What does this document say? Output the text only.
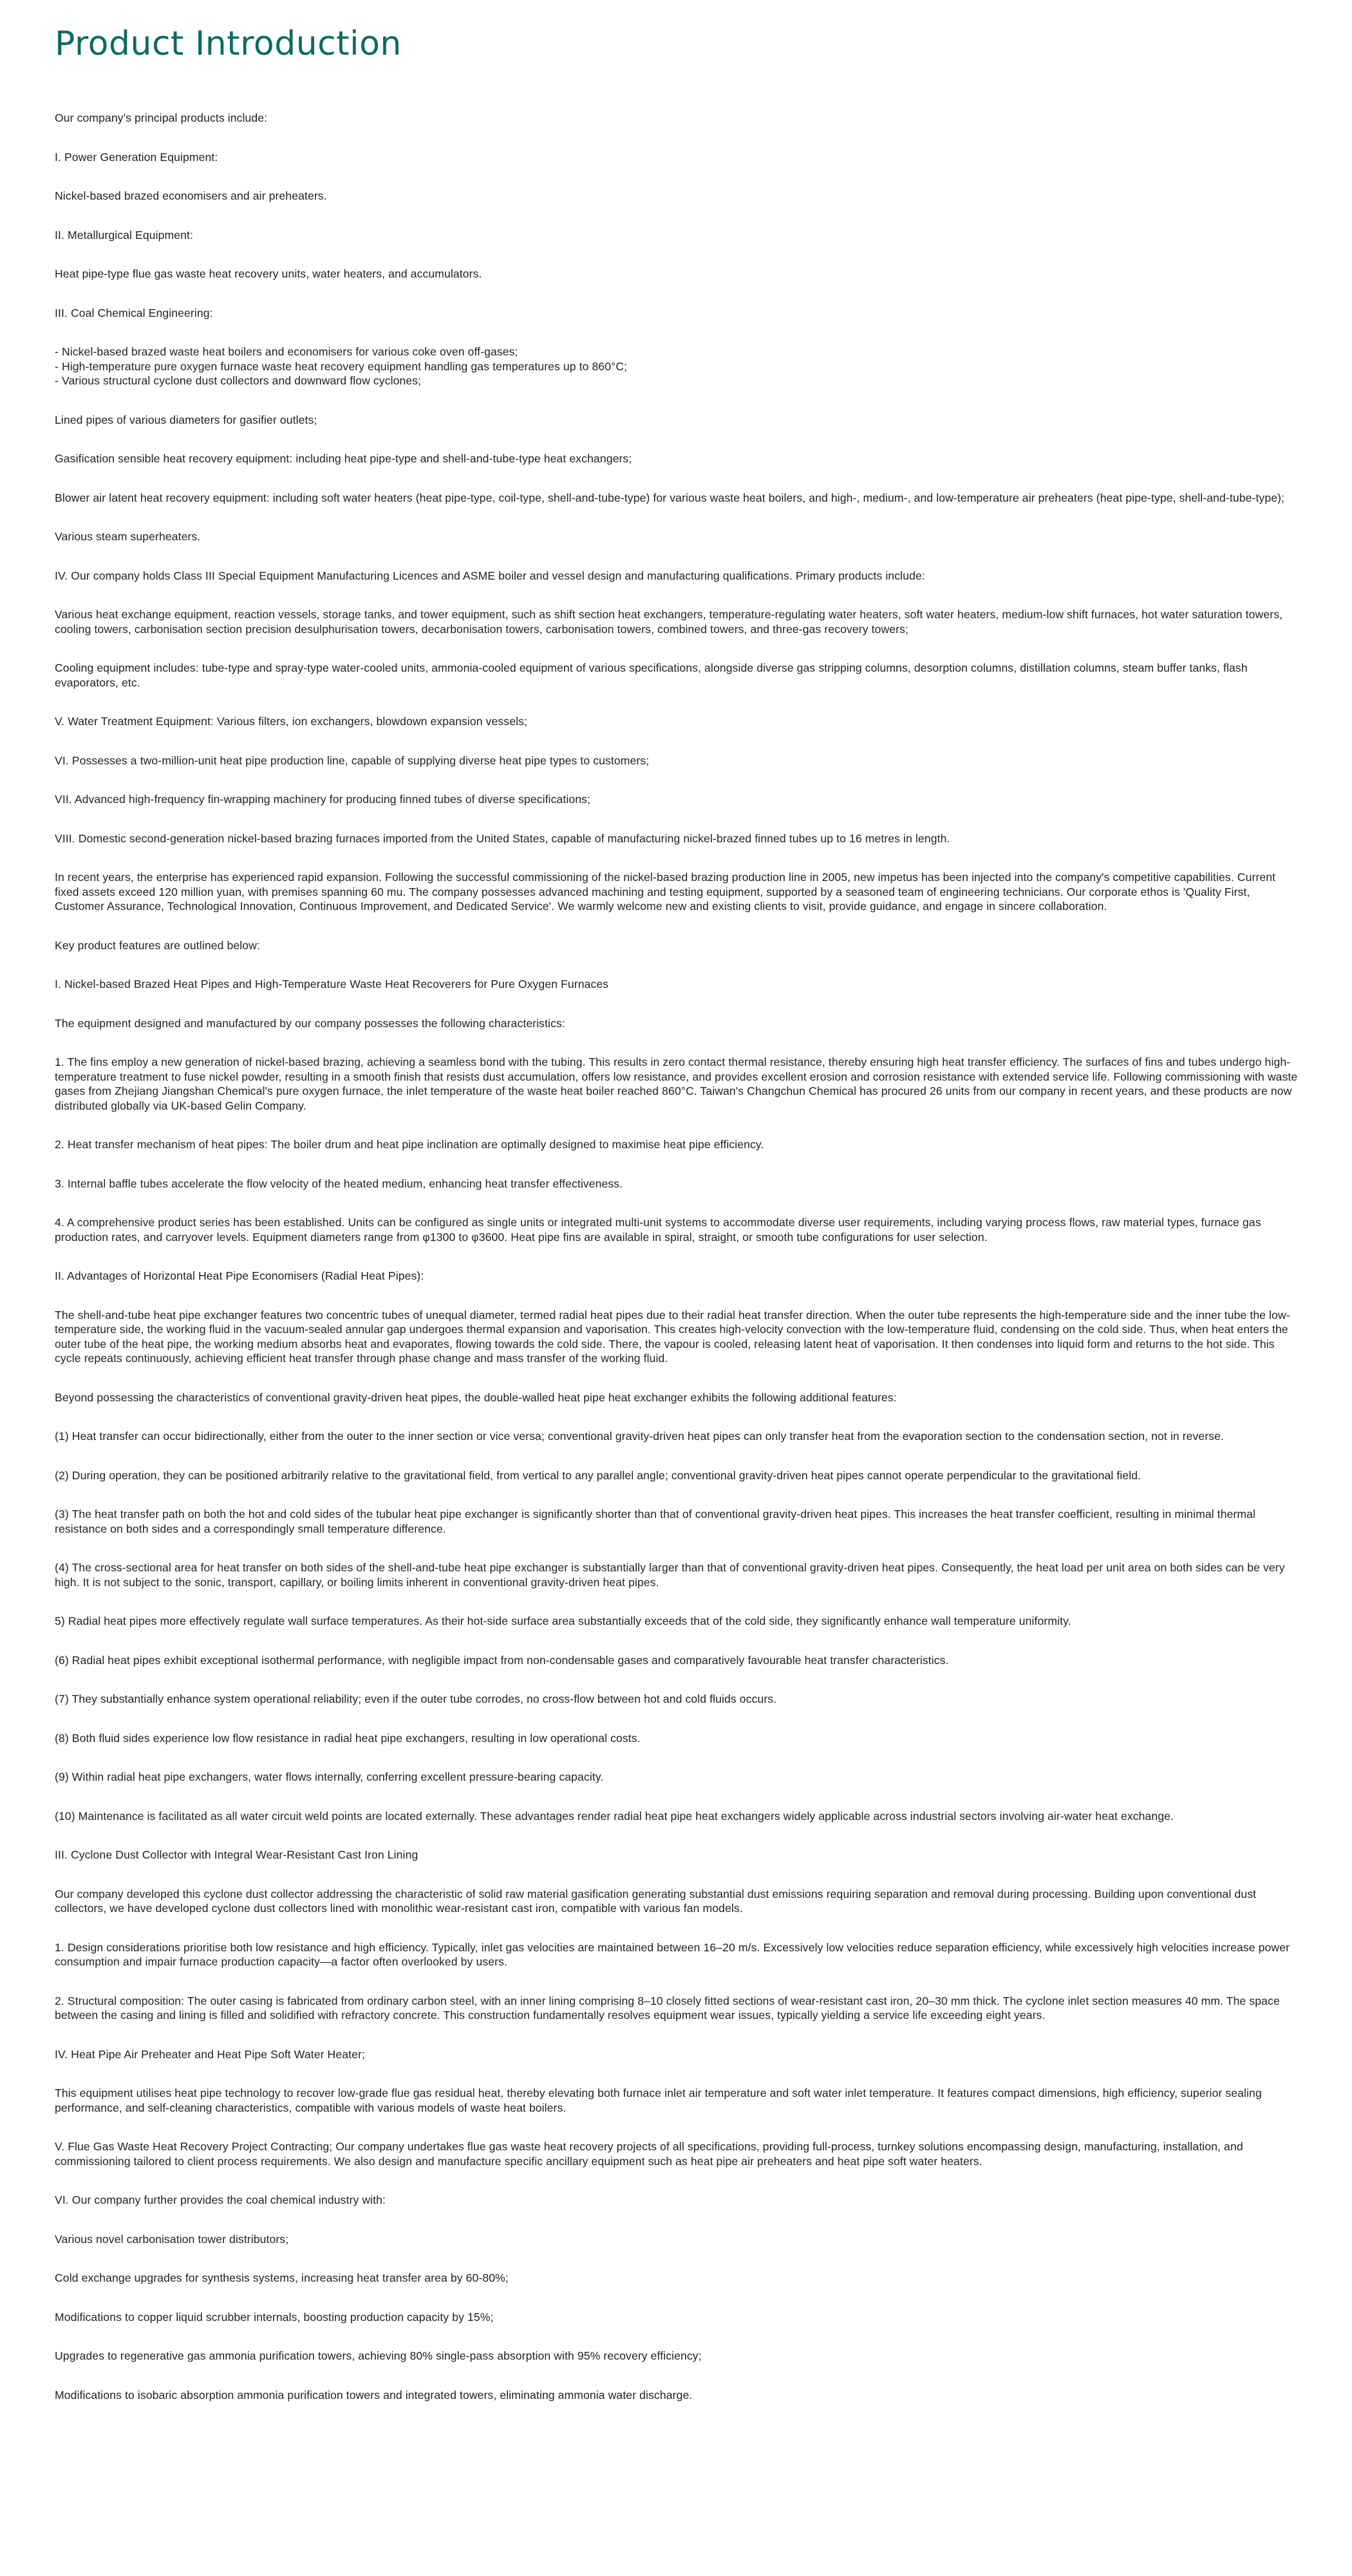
Product Introduction

Our company's principal products include:

I. Power Generation Equipment:

Nickel-based brazed economisers and air preheaters.

II. Metallurgical Equipment:

Heat pipe-type flue gas waste heat recovery units, water heaters, and accumulators.

III. Coal Chemical Engineering:

- Nickel-based brazed waste heat boilers and economisers for various coke oven off-gases;

- High-temperature pure oxygen furnace waste heat recovery equipment handling gas temperatures up to 860°C;

- Various structural cyclone dust collectors and downward flow cyclones;

Lined pipes of various diameters for gasifier outlets;

Gasification sensible heat recovery equipment: including heat pipe-type and shell-and-tube-type heat exchangers;

Blower air latent heat recovery equipment: including soft water heaters (heat pipe-type, coil-type, shell-and-tube-type) for various waste heat boilers, and high-, medium-, and low-temperature air preheaters (heat pipe-type, shell-and-tube-type);

Various steam superheaters.

IV. Our company holds Class III Special Equipment Manufacturing Licences and ASME boiler and vessel design and manufacturing qualifications. Primary products include:

Various heat exchange equipment, reaction vessels, storage tanks, and tower equipment, such as shift section heat exchangers, temperature-regulating water heaters, soft water heaters, medium-low shift furnaces, hot water saturation towers, cooling towers, carbonisation section precision desulphurisation towers, decarbonisation towers, carbonisation towers, combined towers, and three-gas recovery towers;

Cooling equipment includes: tube-type and spray-type water-cooled units, ammonia-cooled equipment of various specifications, alongside diverse gas stripping columns, desorption columns, distillation columns, steam buffer tanks, flash evaporators, etc.

V. Water Treatment Equipment: Various filters, ion exchangers, blowdown expansion vessels;

VI. Possesses a two-million-unit heat pipe production line, capable of supplying diverse heat pipe types to customers;

VII. Advanced high-frequency fin-wrapping machinery for producing finned tubes of diverse specifications;

VIII. Domestic second-generation nickel-based brazing furnaces imported from the United States, capable of manufacturing nickel-brazed finned tubes up to 16 metres in length.

In recent years, the enterprise has experienced rapid expansion. Following the successful commissioning of the nickel-based brazing production line in 2005, new impetus has been injected into the company's competitive capabilities. Current fixed assets exceed 120 million yuan, with premises spanning 60 mu. The company possesses advanced machining and testing equipment, supported by a seasoned team of engineering technicians. Our corporate ethos is 'Quality First, Customer Assurance, Technological Innovation, Continuous Improvement, and Dedicated Service'. We warmly welcome new and existing clients to visit, provide guidance, and engage in sincere collaboration.

Key product features are outlined below:

I. Nickel-based Brazed Heat Pipes and High-Temperature Waste Heat Recoverers for Pure Oxygen Furnaces

The equipment designed and manufactured by our company possesses the following characteristics:

1. The fins employ a new generation of nickel-based brazing, achieving a seamless bond with the tubing. This results in zero contact thermal resistance, thereby ensuring high heat transfer efficiency. The surfaces of fins and tubes undergo high-temperature treatment to fuse nickel powder, resulting in a smooth finish that resists dust accumulation, offers low resistance, and provides excellent erosion and corrosion resistance with extended service life. Following commissioning with waste gases from Zhejiang Jiangshan Chemical's pure oxygen furnace, the inlet temperature of the waste heat boiler reached 860°C. Taiwan's Changchun Chemical has procured 26 units from our company in recent years, and these products are now distributed globally via UK-based Gelin Company.

2. Heat transfer mechanism of heat pipes: The boiler drum and heat pipe inclination are optimally designed to maximise heat pipe efficiency.

3. Internal baffle tubes accelerate the flow velocity of the heated medium, enhancing heat transfer effectiveness.

4. A comprehensive product series has been established. Units can be configured as single units or integrated multi-unit systems to accommodate diverse user requirements, including varying process flows, raw material types, furnace gas production rates, and carryover levels. Equipment diameters range from φ1300 to φ3600. Heat pipe fins are available in spiral, straight, or smooth tube configurations for user selection.

II. Advantages of Horizontal Heat Pipe Economisers (Radial Heat Pipes):

The shell-and-tube heat pipe exchanger features two concentric tubes of unequal diameter, termed radial heat pipes due to their radial heat transfer direction. When the outer tube represents the high-temperature side and the inner tube the low-temperature side, the working fluid in the vacuum-sealed annular gap undergoes thermal expansion and vaporisation. This creates high-velocity convection with the low-temperature fluid, condensing on the cold side. Thus, when heat enters the outer tube of the heat pipe, the working medium absorbs heat and evaporates, flowing towards the cold side. There, the vapour is cooled, releasing latent heat of vaporisation. It then condenses into liquid form and returns to the hot side. This cycle repeats continuously, achieving efficient heat transfer through phase change and mass transfer of the working fluid.

Beyond possessing the characteristics of conventional gravity-driven heat pipes, the double-walled heat pipe heat exchanger exhibits the following additional features:

(1) Heat transfer can occur bidirectionally, either from the outer to the inner section or vice versa; conventional gravity-driven heat pipes can only transfer heat from the evaporation section to the condensation section, not in reverse.

(2) During operation, they can be positioned arbitrarily relative to the gravitational field, from vertical to any parallel angle; conventional gravity-driven heat pipes cannot operate perpendicular to the gravitational field.

(3) The heat transfer path on both the hot and cold sides of the tubular heat pipe exchanger is significantly shorter than that of conventional gravity-driven heat pipes. This increases the heat transfer coefficient, resulting in minimal thermal resistance on both sides and a correspondingly small temperature difference.

(4) The cross-sectional area for heat transfer on both sides of the shell-and-tube heat pipe exchanger is substantially larger than that of conventional gravity-driven heat pipes. Consequently, the heat load per unit area on both sides can be very high. It is not subject to the sonic, transport, capillary, or boiling limits inherent in conventional gravity-driven heat pipes.

5) Radial heat pipes more effectively regulate wall surface temperatures. As their hot-side surface area substantially exceeds that of the cold side, they significantly enhance wall temperature uniformity.

(6) Radial heat pipes exhibit exceptional isothermal performance, with negligible impact from non-condensable gases and comparatively favourable heat transfer characteristics.

(7) They substantially enhance system operational reliability; even if the outer tube corrodes, no cross-flow between hot and cold fluids occurs.

(8) Both fluid sides experience low flow resistance in radial heat pipe exchangers, resulting in low operational costs.

(9) Within radial heat pipe exchangers, water flows internally, conferring excellent pressure-bearing capacity.

(10) Maintenance is facilitated as all water circuit weld points are located externally. These advantages render radial heat pipe heat exchangers widely applicable across industrial sectors involving air-water heat exchange.

III. Cyclone Dust Collector with Integral Wear-Resistant Cast Iron Lining

Our company developed this cyclone dust collector addressing the characteristic of solid raw material gasification generating substantial dust emissions requiring separation and removal during processing. Building upon conventional dust collectors, we have developed cyclone dust collectors lined with monolithic wear-resistant cast iron, compatible with various fan models.

1. Design considerations prioritise both low resistance and high efficiency. Typically, inlet gas velocities are maintained between 16–20 m/s. Excessively low velocities reduce separation efficiency, while excessively high velocities increase power consumption and impair furnace production capacity—a factor often overlooked by users.

2. Structural composition: The outer casing is fabricated from ordinary carbon steel, with an inner lining comprising 8–10 closely fitted sections of wear-resistant cast iron, 20–30 mm thick. The cyclone inlet section measures 40 mm. The space between the casing and lining is filled and solidified with refractory concrete. This construction fundamentally resolves equipment wear issues, typically yielding a service life exceeding eight years.

IV. Heat Pipe Air Preheater and Heat Pipe Soft Water Heater;

This equipment utilises heat pipe technology to recover low-grade flue gas residual heat, thereby elevating both furnace inlet air temperature and soft water inlet temperature. It features compact dimensions, high efficiency, superior sealing performance, and self-cleaning characteristics, compatible with various models of waste heat boilers.

V. Flue Gas Waste Heat Recovery Project Contracting; Our company undertakes flue gas waste heat recovery projects of all specifications, providing full-process, turnkey solutions encompassing design, manufacturing, installation, and commissioning tailored to client process requirements. We also design and manufacture specific ancillary equipment such as heat pipe air preheaters and heat pipe soft water heaters.

VI. Our company further provides the coal chemical industry with:

Various novel carbonisation tower distributors;

Cold exchange upgrades for synthesis systems, increasing heat transfer area by 60-80%;

Modifications to copper liquid scrubber internals, boosting production capacity by 15%;

Upgrades to regenerative gas ammonia purification towers, achieving 80% single-pass absorption with 95% recovery efficiency;

Modifications to isobaric absorption ammonia purification towers and integrated towers, eliminating ammonia water discharge.
